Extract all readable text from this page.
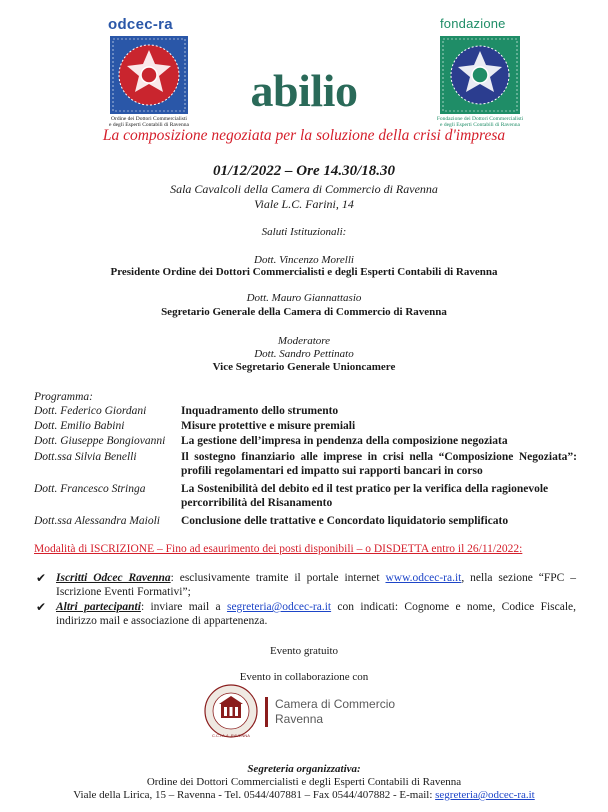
odcec-ra
Ordine dei Dottori Commercialisti
e degli Esperti Contabili di Ravenna
fondazione
Fondazione dei Dottori Commercialisti
e degli Esperti Contabili di Ravenna
abilio
La composizione negoziata per la soluzione della crisi d'impresa
01/12/2022 – Ore 14.30/18.30
Sala Cavalcoli della Camera di Commercio di Ravenna
Viale L.C. Farini, 14
Saluti Istituzionali:
Dott. Vincenzo Morelli
Presidente Ordine dei Dottori Commercialisti e degli Esperti Contabili di Ravenna
Dott. Mauro Giannattasio
Segretario Generale della Camera di Commercio di Ravenna
Moderatore
Dott. Sandro Pettinato
Vice Segretario Generale Unioncamere
Programma:
Dott. Federico Giordani	Inquadramento dello strumento
Dott. Emilio Babini	Misure protettive e misure premiali
Dott. Giuseppe Bongiovanni	La gestione dell’impresa in pendenza della composizione negoziata
Dott.ssa Silvia Benelli	Il sostegno finanziario alle imprese in crisi nella “Composizione Negoziata”: profili regolamentari ed impatto sui rapporti bancari in corso
Dott. Francesco Stringa	La Sostenibilità del debito ed il test pratico per la verifica della ragionevole percorribilità del Risanamento
Dott.ssa Alessandra Maioli	Conclusione delle trattative e Concordato liquidatorio semplificato
Modalità di ISCRIZIONE – Fino ad esaurimento dei posti disponibili – o DISDETTA entro il 26/11/2022:
✔ Iscritti Odcec Ravenna: esclusivamente tramite il portale internet www.odcec-ra.it, nella sezione “FPC – Iscrizione Eventi Formativi”;
✔ Altri partecipanti: inviare mail a segreteria@odcec-ra.it con indicati: Cognome e nome, Codice Fiscale, indirizzo mail e associazione di appartenenza.
Evento gratuito
Evento in collaborazione con
C.C.I.A.A. RAVENNA
Camera di Commercio
Ravenna
Segreteria organizzativa:
Ordine dei Dottori Commercialisti e degli Esperti Contabili di Ravenna
Viale della Lirica, 15 – Ravenna - Tel. 0544/407881 – Fax 0544/407882 - E-mail: segreteria@odcec-ra.it
